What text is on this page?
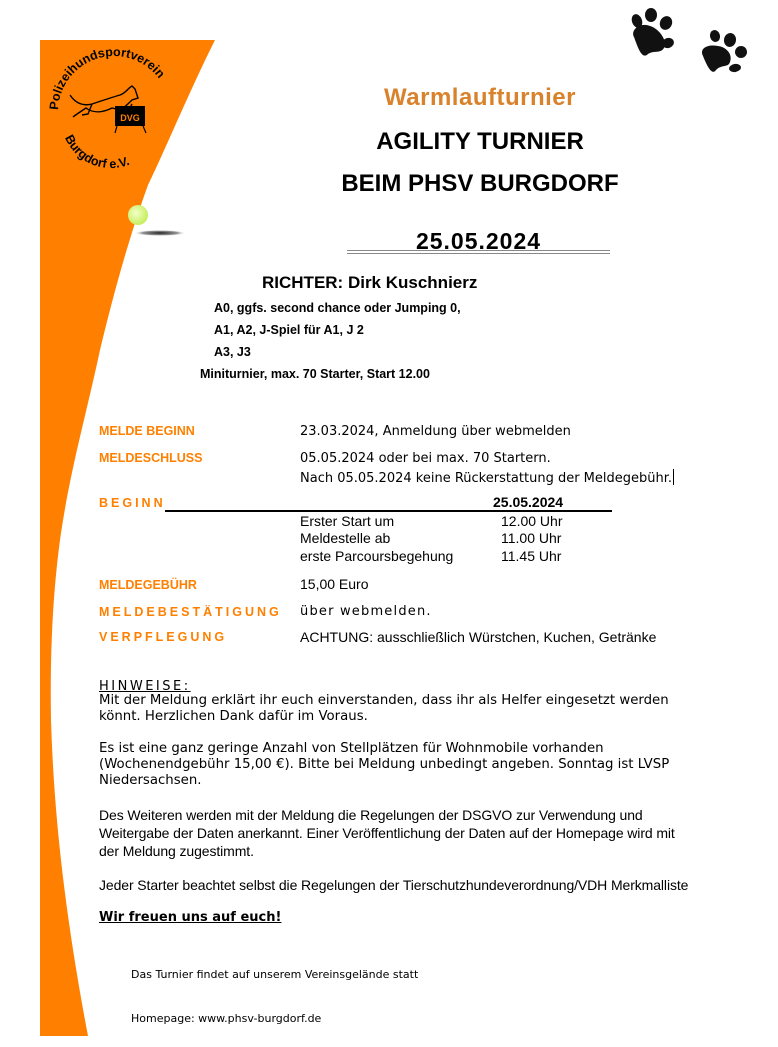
Polizeihundsportverein
Burgdorf e.V.
DVG
Warmlaufturnier
AGILITY TURNIER
BEIM PHSV BURGDORF
25.05.2024
RICHTER: Dirk Kuschnierz
A0, ggfs. second chance oder Jumping 0,
A1, A2, J-Spiel für A1, J 2
A3, J3
Miniturnier, max. 70 Starter, Start 12.00
MELDE BEGINN	23.03.2024, Anmeldung über webmelden
MELDESCHLUSS	05.05.2024 oder bei max. 70 Startern.
Nach 05.05.2024 keine Rückerstattung der Meldegebühr.
BEGINN	25.05.2024
Erster Start um	12.00 Uhr
Meldestelle ab	11.00 Uhr
erste Parcoursbegehung	11.45 Uhr
MELDEGEBÜHR	15,00 Euro
MELDEBESTÄTIGUNG über webmelden.
VERPFLEGUNG	ACHTUNG: ausschließlich Würstchen, Kuchen, Getränke
HINWEISE:
Mit der Meldung erklärt ihr euch einverstanden, dass ihr als Helfer eingesetzt werden
könnt. Herzlichen Dank dafür im Voraus.
Es ist eine ganz geringe Anzahl von Stellplätzen für Wohnmobile vorhanden
(Wochenendgebühr 15,00 €). Bitte bei Meldung unbedingt angeben. Sonntag ist LVSP
Niedersachsen.
Des Weiteren werden mit der Meldung die Regelungen der DSGVO zur Verwendung und
Weitergabe der Daten anerkannt. Einer Veröffentlichung der Daten auf der Homepage wird mit
der Meldung zugestimmt.
Jeder Starter beachtet selbst die Regelungen der Tierschutzhundeverordnung/VDH Merkmalliste
Wir freuen uns auf euch!
Das Turnier findet auf unserem Vereinsgelände statt
Homepage: www.phsv-burgdorf.de
